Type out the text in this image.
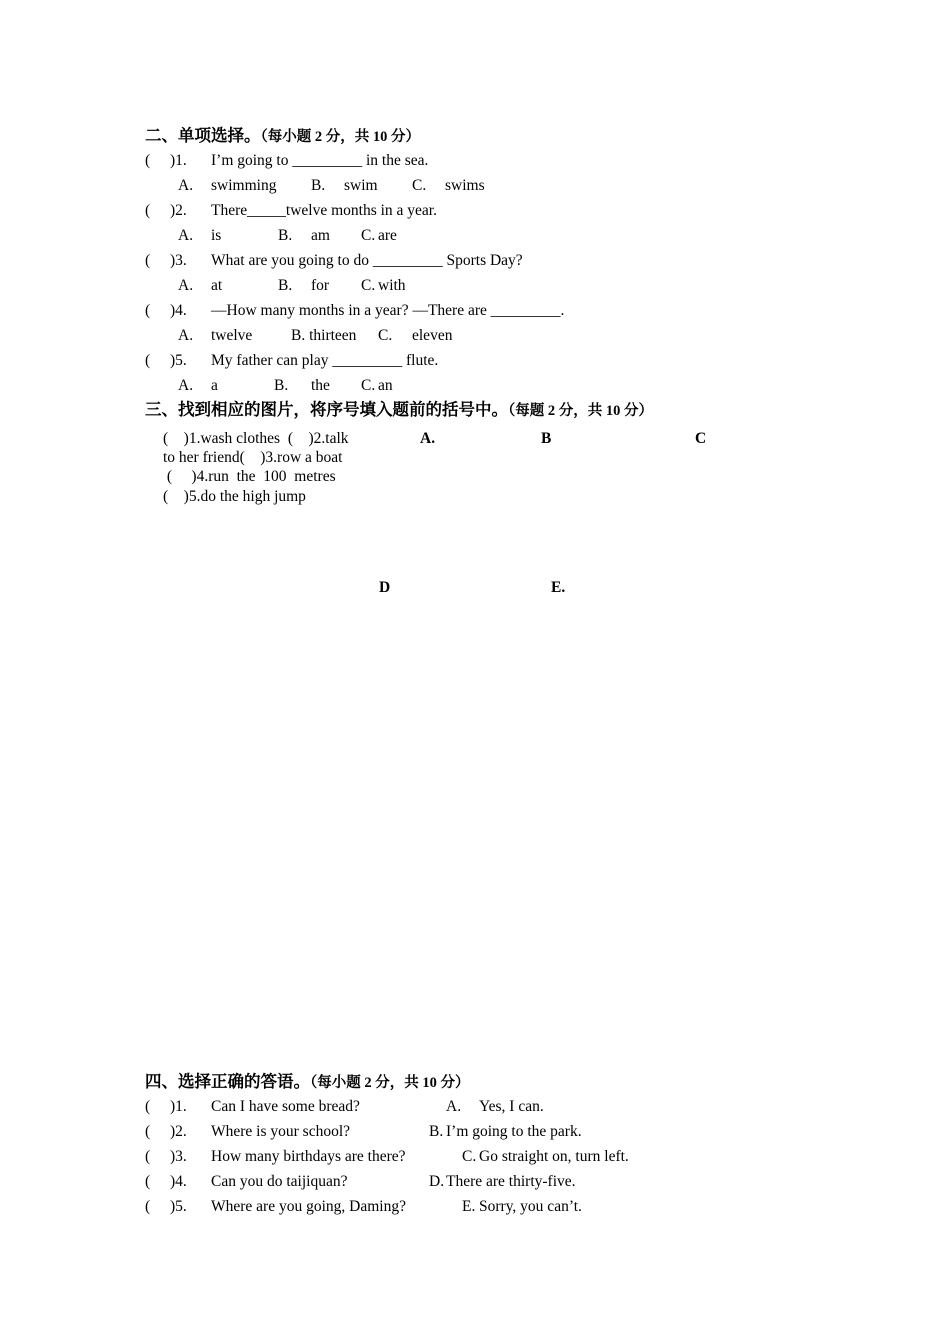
二、单项选择。（每小题 2 分，共 10 分）
( )1. I’m going to _________ in the sea.
A. swimming B. swim C. swims
( )2. There_____twelve months in a year.
A. is	B. am C. are
( )3. What are you going to do _________ Sports Day?
A. at	B. for C. with
( )4. —How many months in a year? —There are _________.
A. twelve B. thirteen C. eleven
( )5. My father can play _________ flute.
A. a	B. the C. an
三、找到相应的图片，将序号填入题前的括号中。（每题 2 分，共 10 分）
(    )1.wash clothes  (    )2.talk
to her friend(    )3.row a boat
(     )4.run  the  100  metres
(    )5.do the high jump
A.	B	C
D	E.
四、选择正确的答语。（每小题 2 分，共 10 分）
( )1. Can I have some bread?	A. Yes, I can.
( )2. Where is your school?	B. I’m going to the park.
( )3. How many birthdays are there?	C. Go straight on, turn left.
( )4. Can you do taijiquan?	D. There are thirty-five.
( )5. Where are you going, Daming?	E. Sorry, you can’t.
